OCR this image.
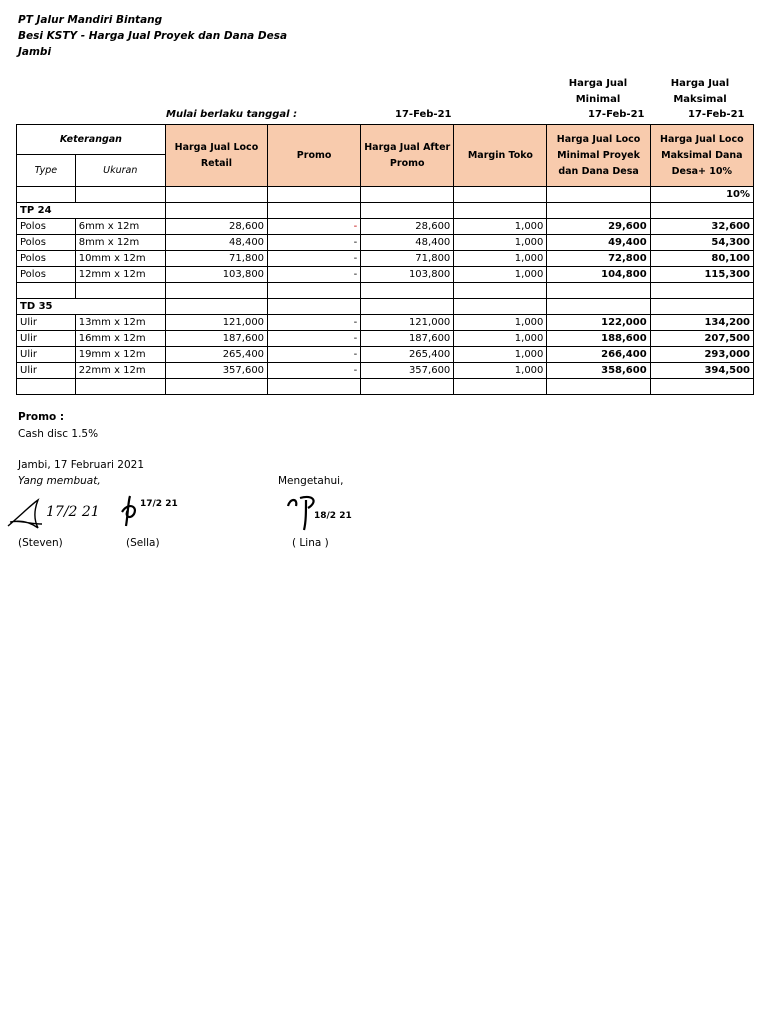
PT Jalur Mandiri Bintang
Besi KSTY - Harga Jual Proyek dan Dana Desa
Jambi
Harga Jual Minimal
Harga Jual Maksimal
Mulai berlaku tanggal :	17-Feb-21	17-Feb-21	17-Feb-21
Keterangan		Harga Jual Loco Retail	Promo	Harga Jual After Promo	Margin Toko	Harga Jual Loco Minimal Proyek dan Dana Desa	Harga Jual Loco Maksimal Dana Desa+ 10%
Type	Ukuran						
							10%
TP 24							
Polos	6mm x 12m	28,600	-	28,600	1,000	29,600	32,600
Polos	8mm x 12m	48,400	-	48,400	1,000	49,400	54,300
Polos	10mm x 12m	71,800	-	71,800	1,000	72,800	80,100
Polos	12mm x 12m	103,800	-	103,800	1,000	104,800	115,300

TD 35							
Ulir	13mm x 12m	121,000	-	121,000	1,000	122,000	134,200
Ulir	16mm x 12m	187,600	-	187,600	1,000	188,600	207,500
Ulir	19mm x 12m	265,400	-	265,400	1,000	266,400	293,000
Ulir	22mm x 12m	357,600	-	357,600	1,000	358,600	394,500

Promo :
Cash disc 1.5%
Jambi, 17 Februari 2021
Yang membuat,	Mengetahui,
17/2 21	17/2 21
18/2 21
(Steven)	(Sella)	( Lina )
